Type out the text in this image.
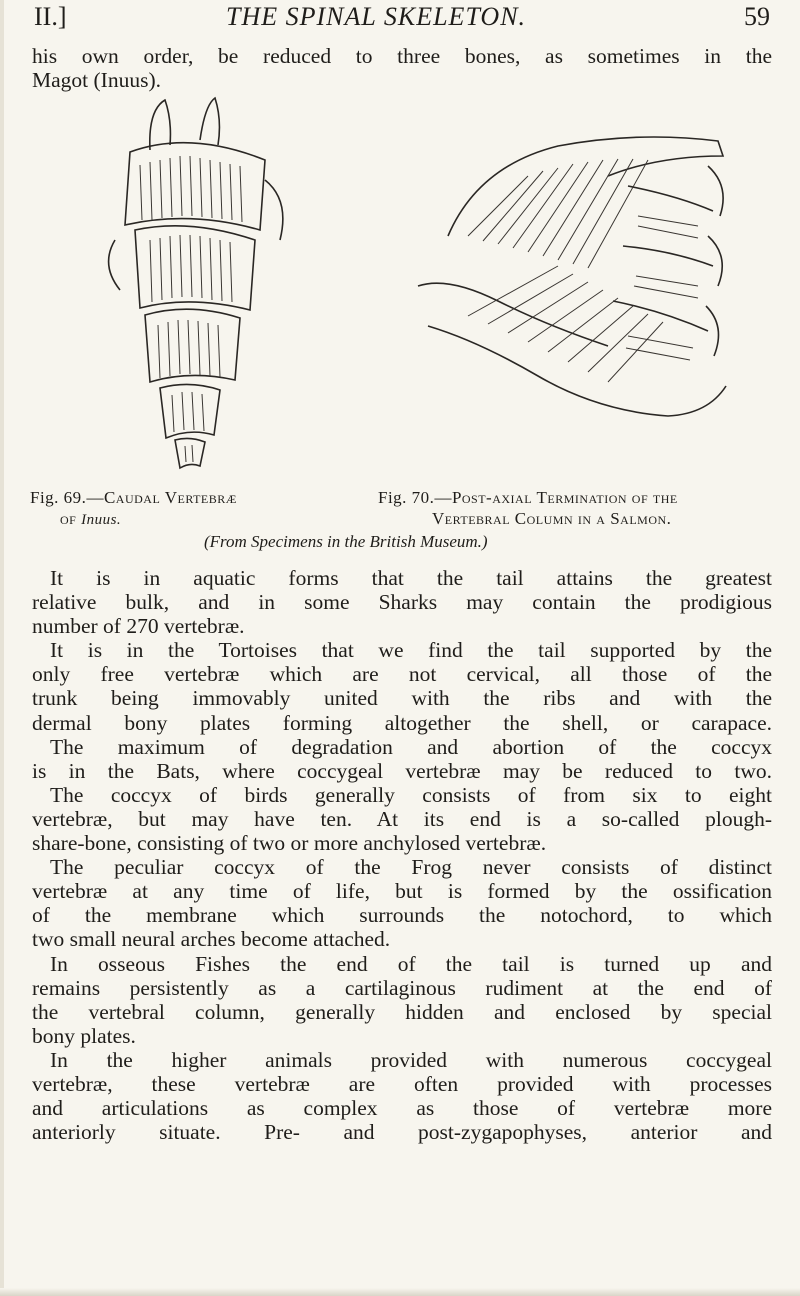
II.]	THE SPINAL SKELETON.	59
his own order, be reduced to three bones, as sometimes in the
Magot (Inuus).
Fig. 69.—Caudal Vertebræ
of Inuus.
Fig. 70.—Post-axial Termination of the
Vertebral Column in a Salmon.
(From Specimens in the British Museum.)
It is in aquatic forms that the tail attains the greatest
relative bulk, and in some Sharks may contain the prodigious
number of 270 vertebræ.
It is in the Tortoises that we find the tail supported by the
only free vertebræ which are not cervical, all those of the
trunk being immovably united with the ribs and with the
dermal bony plates forming altogether the shell, or carapace.
The maximum of degradation and abortion of the coccyx
is in the Bats, where coccygeal vertebræ may be reduced to two.
The coccyx of birds generally consists of from six to eight
vertebræ, but may have ten. At its end is a so-called plough-
share-bone, consisting of two or more anchylosed vertebræ.
The peculiar coccyx of the Frog never consists of distinct
vertebræ at any time of life, but is formed by the ossification
of the membrane which surrounds the notochord, to which
two small neural arches become attached.
In osseous Fishes the end of the tail is turned up and
remains persistently as a cartilaginous rudiment at the end of
the vertebral column, generally hidden and enclosed by special
bony plates.
In the higher animals provided with numerous coccygeal
vertebræ, these vertebræ are often provided with processes
and articulations as complex as those of vertebræ more
anteriorly situate. Pre- and post-zygapophyses, anterior and
